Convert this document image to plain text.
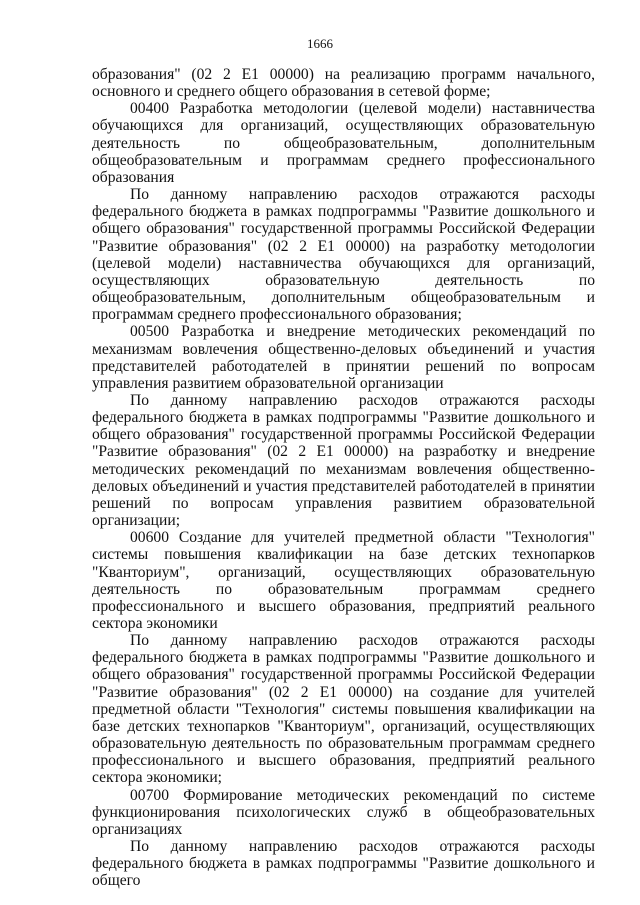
1666

образования" (02 2 E1 00000) на реализацию программ начального, основного и среднего общего образования в сетевой форме;

00400 Разработка методологии (целевой модели) наставничества обучающихся для организаций, осуществляющих образовательную деятельность по общеобразовательным, дополнительным общеобразовательным и программам среднего профессионального образования

По данному направлению расходов отражаются расходы федерального бюджета в рамках подпрограммы "Развитие дошкольного и общего образования" государственной программы Российской Федерации "Развитие образования" (02 2 E1 00000) на разработку методологии (целевой модели) наставничества обучающихся для организаций, осуществляющих образовательную деятельность по общеобразовательным, дополнительным общеобразовательным и программам среднего профессионального образования;

00500 Разработка и внедрение методических рекомендаций по механизмам вовлечения общественно-деловых объединений и участия представителей работодателей в принятии решений по вопросам управления развитием образовательной организации

По данному направлению расходов отражаются расходы федерального бюджета в рамках подпрограммы "Развитие дошкольного и общего образования" государственной программы Российской Федерации "Развитие образования" (02 2 E1 00000) на разработку и внедрение методических рекомендаций по механизмам вовлечения общественно-деловых объединений и участия представителей работодателей в принятии решений по вопросам управления развитием образовательной организации;

00600 Создание для учителей предметной области "Технология" системы повышения квалификации на базе детских технопарков "Кванториум", организаций, осуществляющих образовательную деятельность по образовательным программам среднего профессионального и высшего образования, предприятий реального сектора экономики

По данному направлению расходов отражаются расходы федерального бюджета в рамках подпрограммы "Развитие дошкольного и общего образования" государственной программы Российской Федерации "Развитие образования" (02 2 E1 00000) на создание для учителей предметной области "Технология" системы повышения квалификации на базе детских технопарков "Кванториум", организаций, осуществляющих образовательную деятельность по образовательным программам среднего профессионального и высшего образования, предприятий реального сектора экономики;

00700 Формирование методических рекомендаций по системе функционирования психологических служб в общеобразовательных организациях

По данному направлению расходов отражаются расходы федерального бюджета в рамках подпрограммы "Развитие дошкольного и общего
